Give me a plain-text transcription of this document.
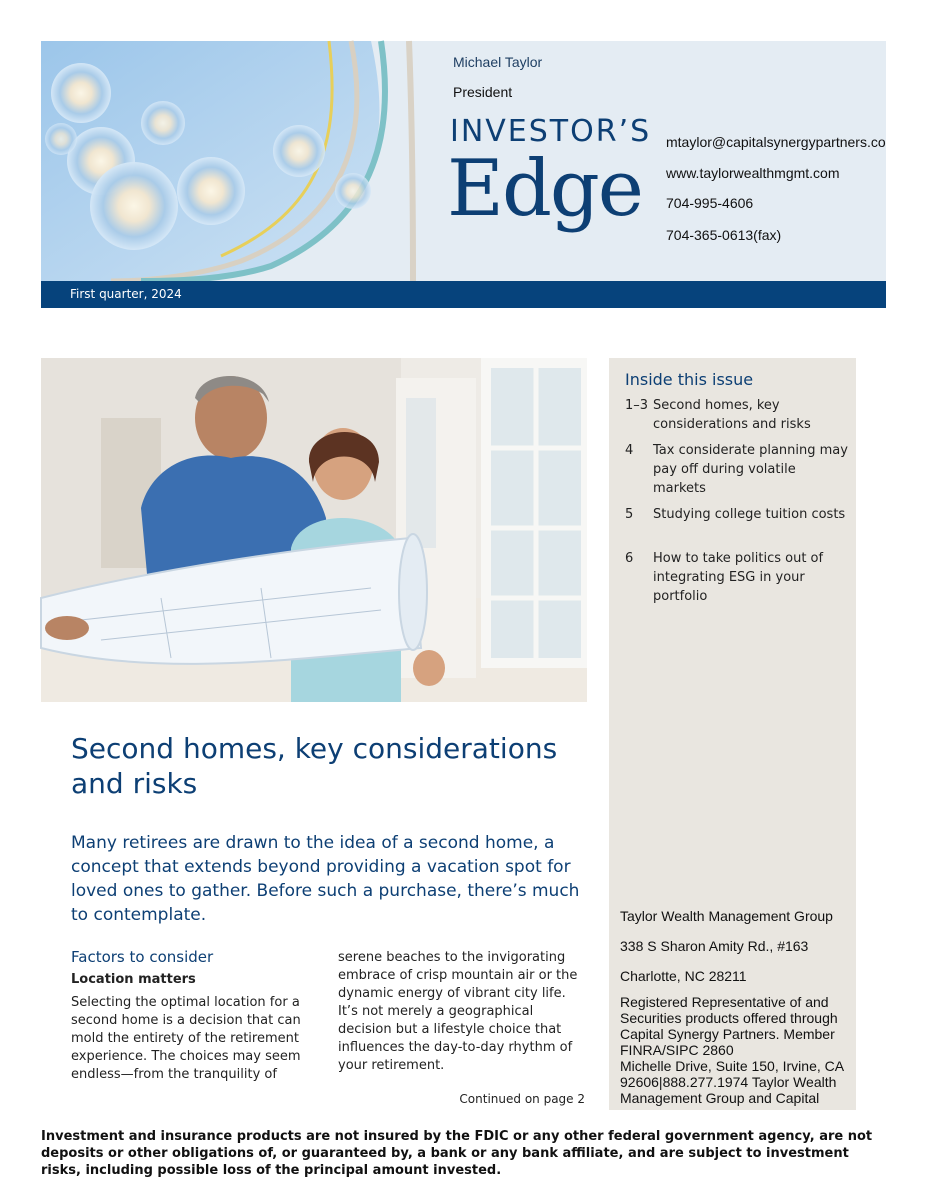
Michael Taylor
President
INVESTOR’S
Edge
mtaylor@capitalsynergypartners.co
www.taylorwealthmgmt.com
704-995-4606
704-365-0613(fax)
First quarter, 2024
Inside this issue
1–3 Second homes, key considerations and risks
4	Tax considerate planning may pay off during volatile markets
5	Studying college tuition costs
6	How to take politics out of integrating ESG in your portfolio
Taylor Wealth Management Group
338 S Sharon Amity Rd., #163
Charlotte, NC 28211
Registered Representative of and Securities products offered through Capital Synergy Partners. Member FINRA/SIPC 2860
Michelle Drive, Suite 150, Irvine, CA 92606|888.277.1974 Taylor Wealth Management Group and Capital
Second homes, key considerations and risks

Many retirees are drawn to the idea of a second home, a concept that extends beyond providing a vacation spot for loved ones to gather. Before such a purchase, there’s much to contemplate.

Factors to consider
Location matters

Selecting the optimal location for a second home is a decision that can mold the entirety of the retirement experience. The choices may seem endless—from the tranquility of

serene beaches to the invigorating embrace of crisp mountain air or the dynamic energy of vibrant city life. It’s not merely a geographical decision but a lifestyle choice that influences the day-to-day rhythm of your retirement.

Continued on page 2

Investment and insurance products are not insured by the FDIC or any other federal government agency, are not deposits or other obligations of, or guaranteed by, a bank or any bank affiliate, and are subject to investment risks, including possible loss of the principal amount invested.
